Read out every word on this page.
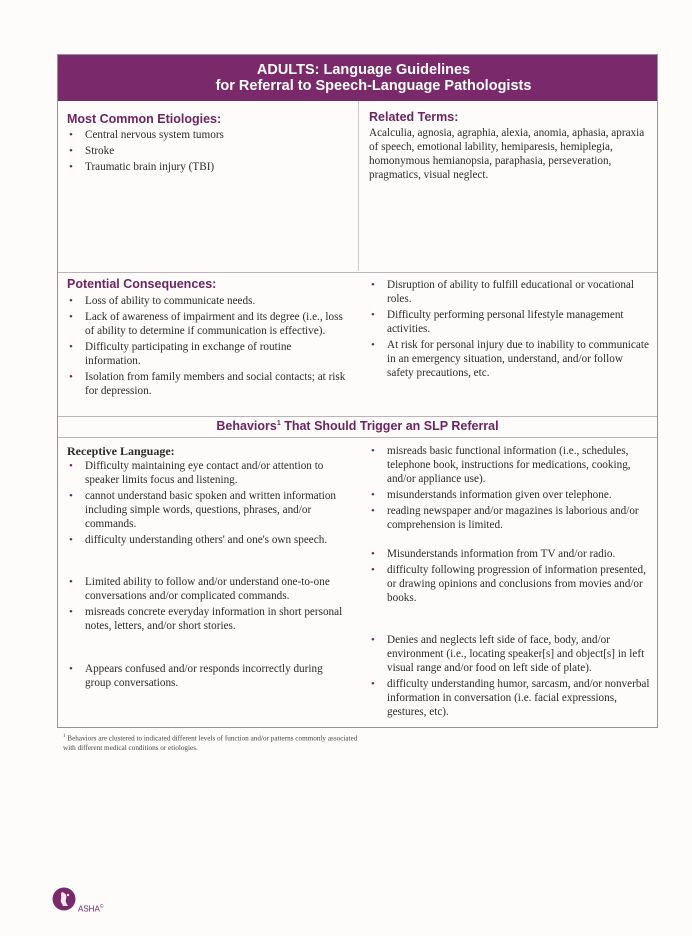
ADULTS: Language Guidelines
for Referral to Speech-Language Pathologists
Most Common Etiologies:
• Central nervous system tumors
• Stroke
• Traumatic brain injury (TBI)
Related Terms:
Acalculia, agnosia, agraphia, alexia, anomia, aphasia, apraxia of speech, emotional lability, hemiparesis, hemiplegia, homonymous hemianopsia, paraphasia, perseveration, pragmatics, visual neglect.
Potential Consequences:
• Loss of ability to communicate needs.
• Lack of awareness of impairment and its degree (i.e., loss of ability to determine if communication is effective).
• Difficulty participating in exchange of routine information.
• Isolation from family members and social contacts; at risk for depression.
• Disruption of ability to fulfill educational or vocational roles.
• Difficulty performing personal lifestyle management activities.
• At risk for personal injury due to inability to communicate in an emergency situation, understand, and/or follow safety precautions, etc.
Behaviors$^1$ That Should Trigger an SLP Referral
Receptive Language:
• Difficulty maintaining eye contact and/or attention to speaker limits focus and listening.
• cannot understand basic spoken and written information including simple words, questions, phrases, and/or commands.
• difficulty understanding others' and one's own speech.
• Limited ability to follow and/or understand one-to-one conversations and/or complicated commands.
• misreads concrete everyday information in short personal notes, letters, and/or short stories.
• Appears confused and/or responds incorrectly during group conversations.
• misreads basic functional information (i.e., schedules, telephone book, instructions for medications, cooking, and/or appliance use).
• misunderstands information given over telephone.
• reading newspaper and/or magazines is laborious and/or comprehension is limited.
• Misunderstands information from TV and/or radio.
• difficulty following progression of information presented, or drawing opinions and conclusions from movies and/or books.
• Denies and neglects left side of face, body, and/or environment (i.e., locating speaker[s] and object[s] in left visual range and/or food on left side of plate).
• difficulty understanding humor, sarcasm, and/or nonverbal information in conversation (i.e. facial expressions, gestures, etc).
$^1$ Behaviors are clustered to indicated different levels of function and/or patterns commonly associated with different medical conditions or etiologies.
ASHA©
